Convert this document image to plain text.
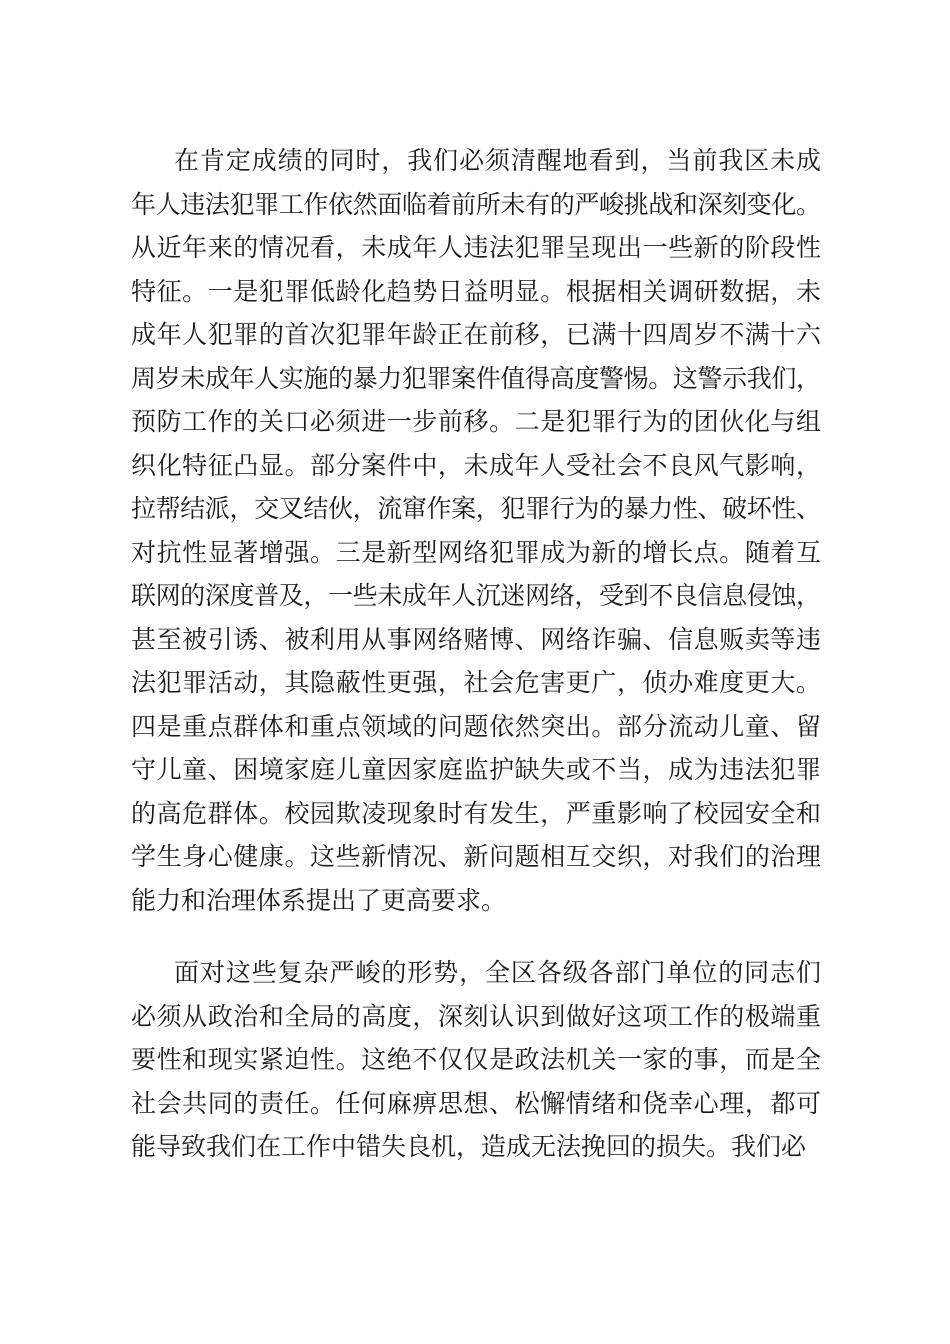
在肯定成绩的同时，我们必须清醒地看到，当前我区未成
年人违法犯罪工作依然面临着前所未有的严峻挑战和深刻变化。
从近年来的情况看，未成年人违法犯罪呈现出一些新的阶段性
特征。一是犯罪低龄化趋势日益明显。根据相关调研数据，未
成年人犯罪的首次犯罪年龄正在前移，已满十四周岁不满十六
周岁未成年人实施的暴力犯罪案件值得高度警惕。这警示我们，
预防工作的关口必须进一步前移。二是犯罪行为的团伙化与组
织化特征凸显。部分案件中，未成年人受社会不良风气影响，
拉帮结派，交叉结伙，流窜作案，犯罪行为的暴力性、破坏性、
对抗性显著增强。三是新型网络犯罪成为新的增长点。随着互
联网的深度普及，一些未成年人沉迷网络，受到不良信息侵蚀，
甚至被引诱、被利用从事网络赌博、网络诈骗、信息贩卖等违
法犯罪活动，其隐蔽性更强，社会危害更广，侦办难度更大。
四是重点群体和重点领域的问题依然突出。部分流动儿童、留
守儿童、困境家庭儿童因家庭监护缺失或不当，成为违法犯罪
的高危群体。校园欺凌现象时有发生，严重影响了校园安全和
学生身心健康。这些新情况、新问题相互交织，对我们的治理
能力和治理体系提出了更高要求。
面对这些复杂严峻的形势，全区各级各部门单位的同志们
必须从政治和全局的高度，深刻认识到做好这项工作的极端重
要性和现实紧迫性。这绝不仅仅是政法机关一家的事，而是全
社会共同的责任。任何麻痹思想、松懈情绪和侥幸心理，都可
能导致我们在工作中错失良机，造成无法挽回的损失。我们必
